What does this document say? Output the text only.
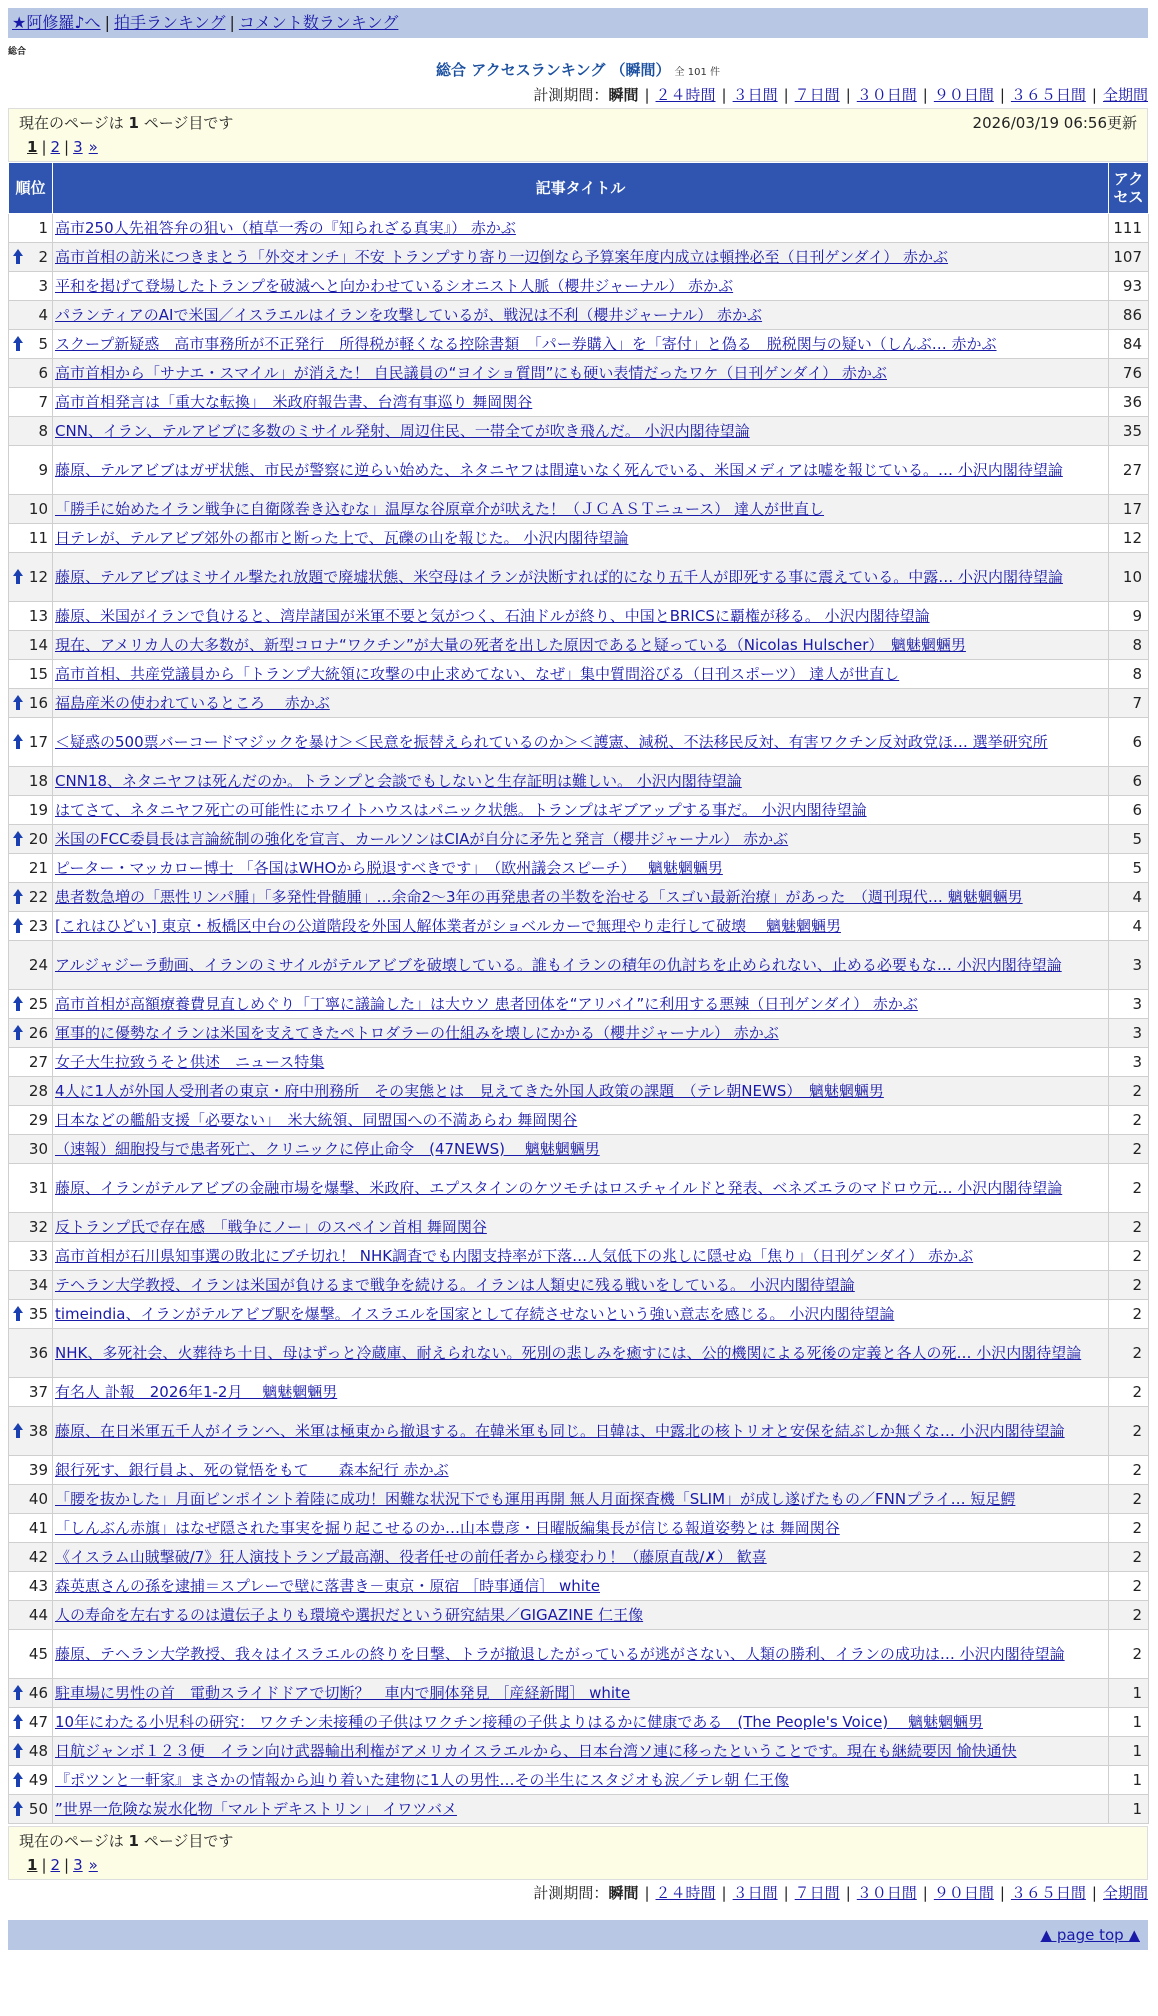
★阿修羅♪へ | 拍手ランキング | コメント数ランキング
総合
総合 アクセスランキング （瞬間） 全 101 件
計測期間：瞬間 | ２４時間 | ３日間 | ７日間 | ３０日間 | ９０日間 | ３６５日間 | 全期間
現在のページは 1 ページ目です	2026/03/19 06:56更新
1 | 2 | 3 »
順位	記事タイトル	アクセス
1	高市250人先祖答弁の狙い（植草一秀の『知られざる真実』） 赤かぶ	111

2	高市首相の訪米につきまとう「外交オンチ」不安 トランプすり寄り一辺倒なら予算案年度内成立は頓挫必至（日刊ゲンダイ） 赤かぶ	107
3	平和を掲げて登場したトランプを破滅へと向かわせているシオニスト人脈（櫻井ジャーナル） 赤かぶ	93
4	パランティアのAIで米国／イスラエルはイランを攻撃しているが、戦況は不利（櫻井ジャーナル） 赤かぶ	86

5	スクープ新疑惑　高市事務所が不正発行　所得税が軽くなる控除書類　「パー券購入」を「寄付」と偽る　脱税関与の疑い（しんぶ… 赤かぶ	84
6	高市首相から「サナエ・スマイル」が消えた！ 自民議員の“ヨイショ質問”にも硬い表情だったワケ（日刊ゲンダイ） 赤かぶ	76
7	高市首相発言は「重大な転換」　米政府報告書、台湾有事巡り 舞岡関谷	36
8	CNN、イラン、テルアビブに多数のミサイル発射、周辺住民、一帯全てが吹き飛んだ。 小沢内閣待望論	35
9	藤原、テルアビブはガザ状態、市民が警察に逆らい始めた、ネタニヤフは間違いなく死んでいる、米国メディアは嘘を報じている。… 小沢内閣待望論	27
10	「勝手に始めたイラン戦争に自衛隊巻き込むな」温厚な谷原章介が吠えた！（ＪＣＡＳＴニュース） 達人が世直し	17
11	日テレが、テルアビブ郊外の都市と断った上で、瓦礫の山を報じた。 小沢内閣待望論	12

12	藤原、テルアビブはミサイル撃たれ放題で廃墟状態、米空母はイランが決断すれば的になり五千人が即死する事に震えている。中露… 小沢内閣待望論	10
13	藤原、米国がイランで負けると、湾岸諸国が米軍不要と気がつく、石油ドルが終り、中国とBRICSに覇権が移る。 小沢内閣待望論	9
14	現在、アメリカ人の大多数が、新型コロナ“ワクチン”が大量の死者を出した原因であると疑っている（Nicolas Hulscher）　魑魅魍魎男	8
15	高市首相、共産党議員から「トランプ大統領に攻撃の中止求めてない、なぜ」集中質問浴びる（日刊スポーツ） 達人が世直し	8

16	福島産米の使われているところ　 赤かぶ	7

17	＜疑惑の500票バーコードマジックを暴け＞＜民意を振替えられているのか＞＜護憲、減税、不法移民反対、有害ワクチン反対政党ほ… 選挙研究所	6
18	CNN18、ネタニヤフは死んだのか。トランプと会談でもしないと生存証明は難しい。 小沢内閣待望論	6
19	はてさて、ネタニヤフ死亡の可能性にホワイトハウスはパニック状態。トランプはギブアップする事だ。 小沢内閣待望論	6

20	米国のFCC委員長は言論統制の強化を宣言、カールソンはCIAが自分に矛先と発言（櫻井ジャーナル） 赤かぶ	5
21	ピーター・マッカロー博士 「各国はWHOから脱退すべきです」　（欧州議会スピーチ）　 魑魅魍魎男	5

22	患者数急増の「悪性リンパ腫」「多発性骨髄腫」…余命2〜3年の再発患者の半数を治せる「スゴい最新治療」があった　（週刊現代… 魑魅魍魎男	4

23	[これはひどい] 東京・板橋区中台の公道階段を外国人解体業者がショベルカーで無理やり走行して破壊　 魑魅魍魎男	4
24	アルジャジーラ動画、イランのミサイルがテルアビブを破壊している。誰もイランの積年の仇討ちを止められない、止める必要もな… 小沢内閣待望論	3

25	高市首相が高額療養費見直しめぐり「丁寧に議論した」は大ウソ 患者団体を“アリバイ”に利用する悪辣（日刊ゲンダイ） 赤かぶ	3

26	軍事的に優勢なイランは米国を支えてきたペトロダラーの仕組みを壊しにかかる（櫻井ジャーナル） 赤かぶ	3
27	女子大生拉致うそと供述　ニュース特集	3
28	4人に1人が外国人受刑者の東京・府中刑務所　その実態とは　見えてきた外国人政策の課題　（テレ朝NEWS）　魑魅魍魎男	2
29	日本などの艦船支援「必要ない」　米大統領、同盟国への不満あらわ 舞岡関谷	2
30	（速報）細胞投与で患者死亡、クリニックに停止命令　(47NEWS)　 魑魅魍魎男	2
31	藤原、イランがテルアビブの金融市場を爆撃、米政府、エプスタインのケツモチはロスチャイルドと発表、ベネズエラのマドロウ元… 小沢内閣待望論	2
32	反トランプ氏で存在感　「戦争にノー」のスペイン首相 舞岡関谷	2
33	高市首相が石川県知事選の敗北にブチ切れ！ NHK調査でも内閣支持率が下落…人気低下の兆しに隠せぬ「焦り」（日刊ゲンダイ） 赤かぶ	2
34	テヘラン大学教授、イランは米国が負けるまで戦争を続ける。イランは人類史に残る戦いをしている。 小沢内閣待望論	2

35	timeindia、イランがテルアビブ駅を爆撃。イスラエルを国家として存続させないという強い意志を感じる。 小沢内閣待望論	2
36	NHK、多死社会、火葬待ち十日、母はずっと冷蔵庫、耐えられない。死別の悲しみを癒すには、公的機関による死後の定義と各人の死… 小沢内閣待望論	2
37	有名人 訃報　2026年1-2月　 魑魅魍魎男	2

38	藤原、在日米軍五千人がイランへ、米軍は極東から撤退する。在韓米軍も同じ。日韓は、中露北の核トリオと安保を結ぶしか無くな… 小沢内閣待望論	2
39	銀行死す、銀行員よ、死の覚悟をもて　　森本紀行 赤かぶ	2
40	「腰を抜かした」月面ピンポイント着陸に成功！困難な状況下でも運用再開 無人月面探査機「SLIM」が成し遂げたもの／FNNプライ… 短足鰐	2
41	「しんぶん赤旗」はなぜ隠された事実を掘り起こせるのか…山本豊彦・日曜版編集長が信じる報道姿勢とは 舞岡関谷	2
42	《イスラム山賊撃破/7》狂人演技トランプ最高潮、役者任せの前任者から様変わり！（藤原直哉/✗） 歓喜	2
43	森英恵さんの孫を逮捕＝スプレーで壁に落書き－東京・原宿 ［時事通信］ white	2
44	人の寿命を左右するのは遺伝子よりも環境や選択だという研究結果／GIGAZINE 仁王像	2
45	藤原、テヘラン大学教授、我々はイスラエルの終りを目撃、トラが撤退したがっているが逃がさない、人類の勝利、イランの成功は… 小沢内閣待望論	2

46	駐車場に男性の首　電動スライドドアで切断？　車内で胴体発見 ［産経新聞］ white	1

47	10年にわたる小児科の研究： ワクチン未接種の子供はワクチン接種の子供よりはるかに健康である　(The People's Voice)　 魑魅魍魎男	1

48	日航ジャンボ１２３便　イラン向け武器輸出利権がアメリカイスラエルから、日本台湾ソ連に移ったということです。現在も継続要因 愉快通快	1

49	『ポツンと一軒家』まさかの情報から辿り着いた建物に1人の男性…その半生にスタジオも涙／テレ朝 仁王像	1

50	”世界一危険な炭水化物「マルトデキストリン」 イワツバメ	1
現在のページは 1 ページ目です
1 | 2 | 3 »
計測期間：瞬間 | ２４時間 | ３日間 | ７日間 | ３０日間 | ９０日間 | ３６５日間 | 全期間
▲ page top ▲
